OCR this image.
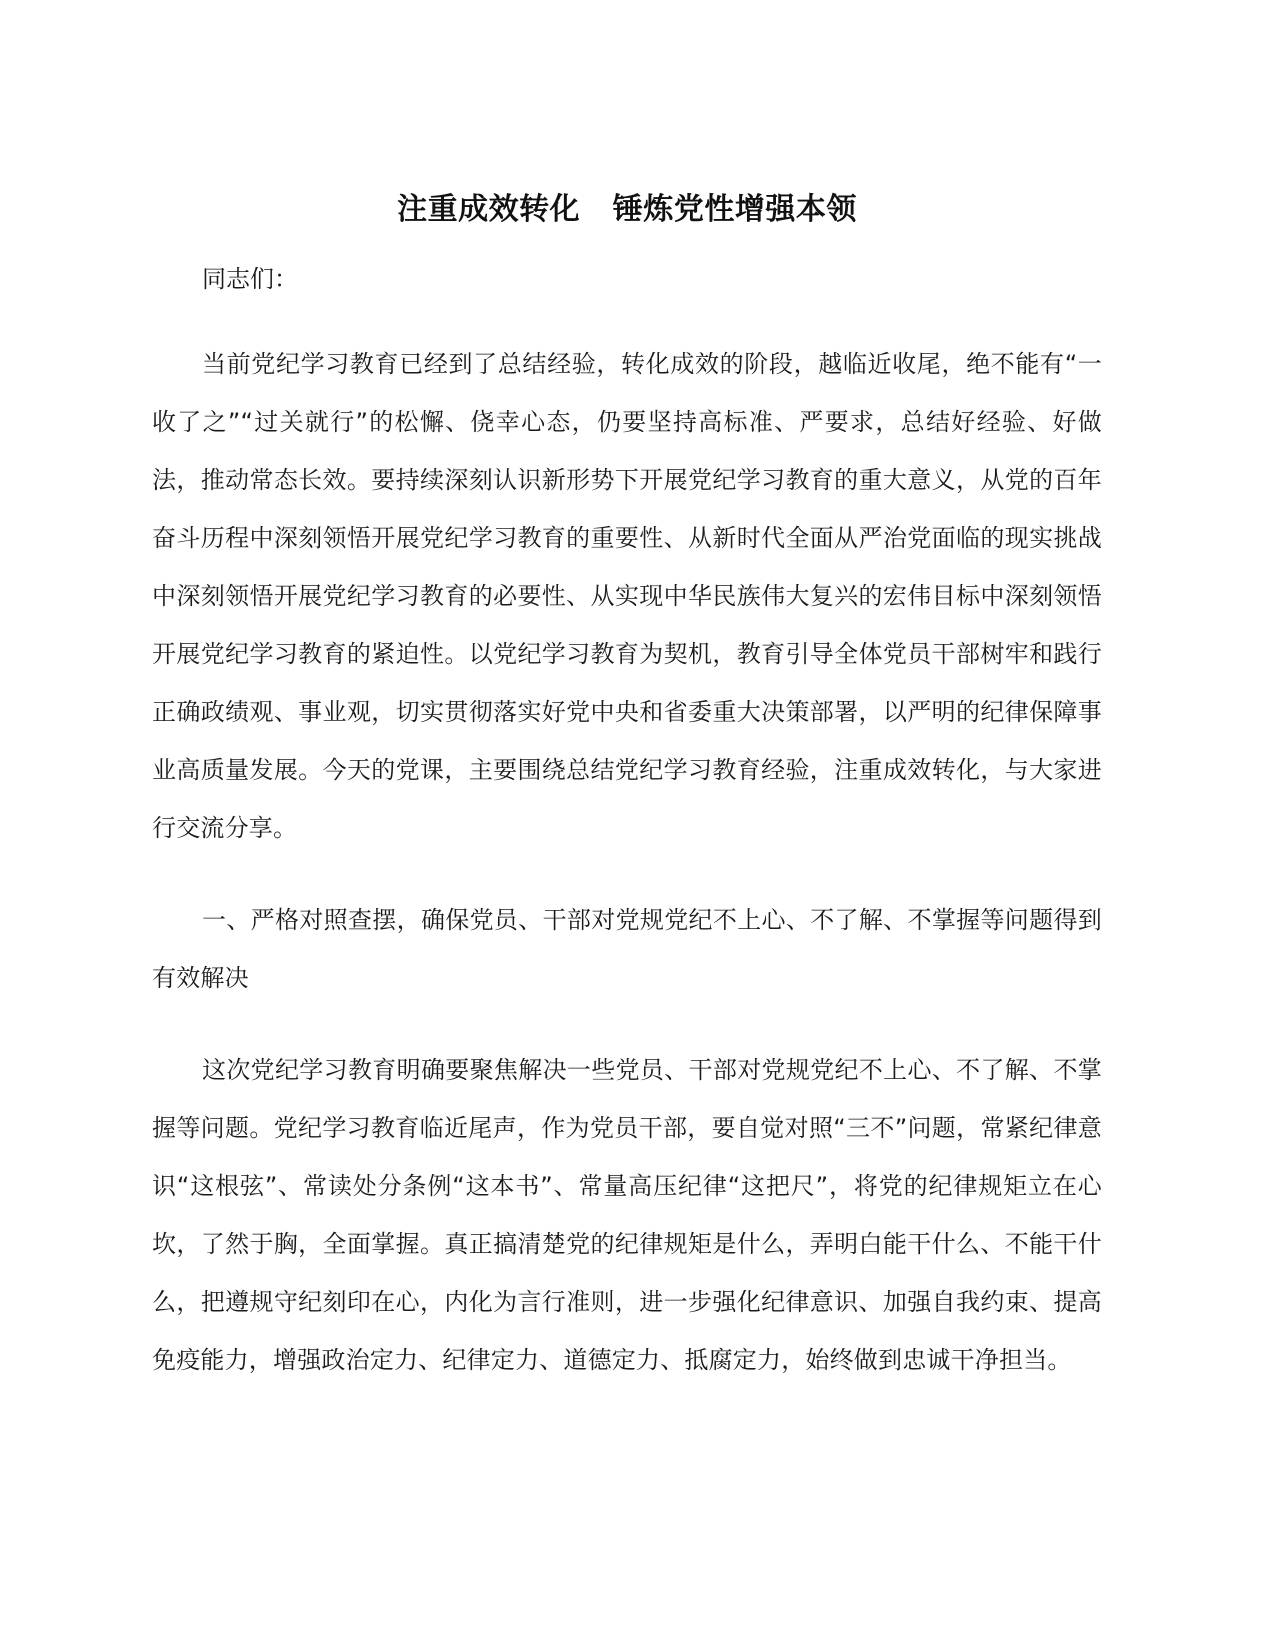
注重成效转化   锤炼党性增强本领

同志们：

当前党纪学习教育已经到了总结经验，转化成效的阶段，越临近收尾，绝不能有“一收了之”“过关就行”的松懈、侥幸心态，仍要坚持高标准、严要求，总结好经验、好做法，推动常态长效。要持续深刻认识新形势下开展党纪学习教育的重大意义，从党的百年奋斗历程中深刻领悟开展党纪学习教育的重要性、从新时代全面从严治党面临的现实挑战中深刻领悟开展党纪学习教育的必要性、从实现中华民族伟大复兴的宏伟目标中深刻领悟开展党纪学习教育的紧迫性。以党纪学习教育为契机，教育引导全体党员干部树牢和践行正确政绩观、事业观，切实贯彻落实好党中央和省委重大决策部署，以严明的纪律保障事业高质量发展。今天的党课，主要围绕总结党纪学习教育经验，注重成效转化，与大家进行交流分享。

一、严格对照查摆，确保党员、干部对党规党纪不上心、不了解、不掌握等问题得到有效解决

这次党纪学习教育明确要聚焦解决一些党员、干部对党规党纪不上心、不了解、不掌握等问题。党纪学习教育临近尾声，作为党员干部，要自觉对照“三不”问题，常紧纪律意识“这根弦”、常读处分条例“这本书”、常量高压纪律“这把尺”，将党的纪律规矩立在心坎，了然于胸，全面掌握。真正搞清楚党的纪律规矩是什么，弄明白能干什么、不能干什么，把遵规守纪刻印在心，内化为言行准则，进一步强化纪律意识、加强自我约束、提高免疫能力，增强政治定力、纪律定力、道德定力、抵腐定力，始终做到忠诚干净担当。
